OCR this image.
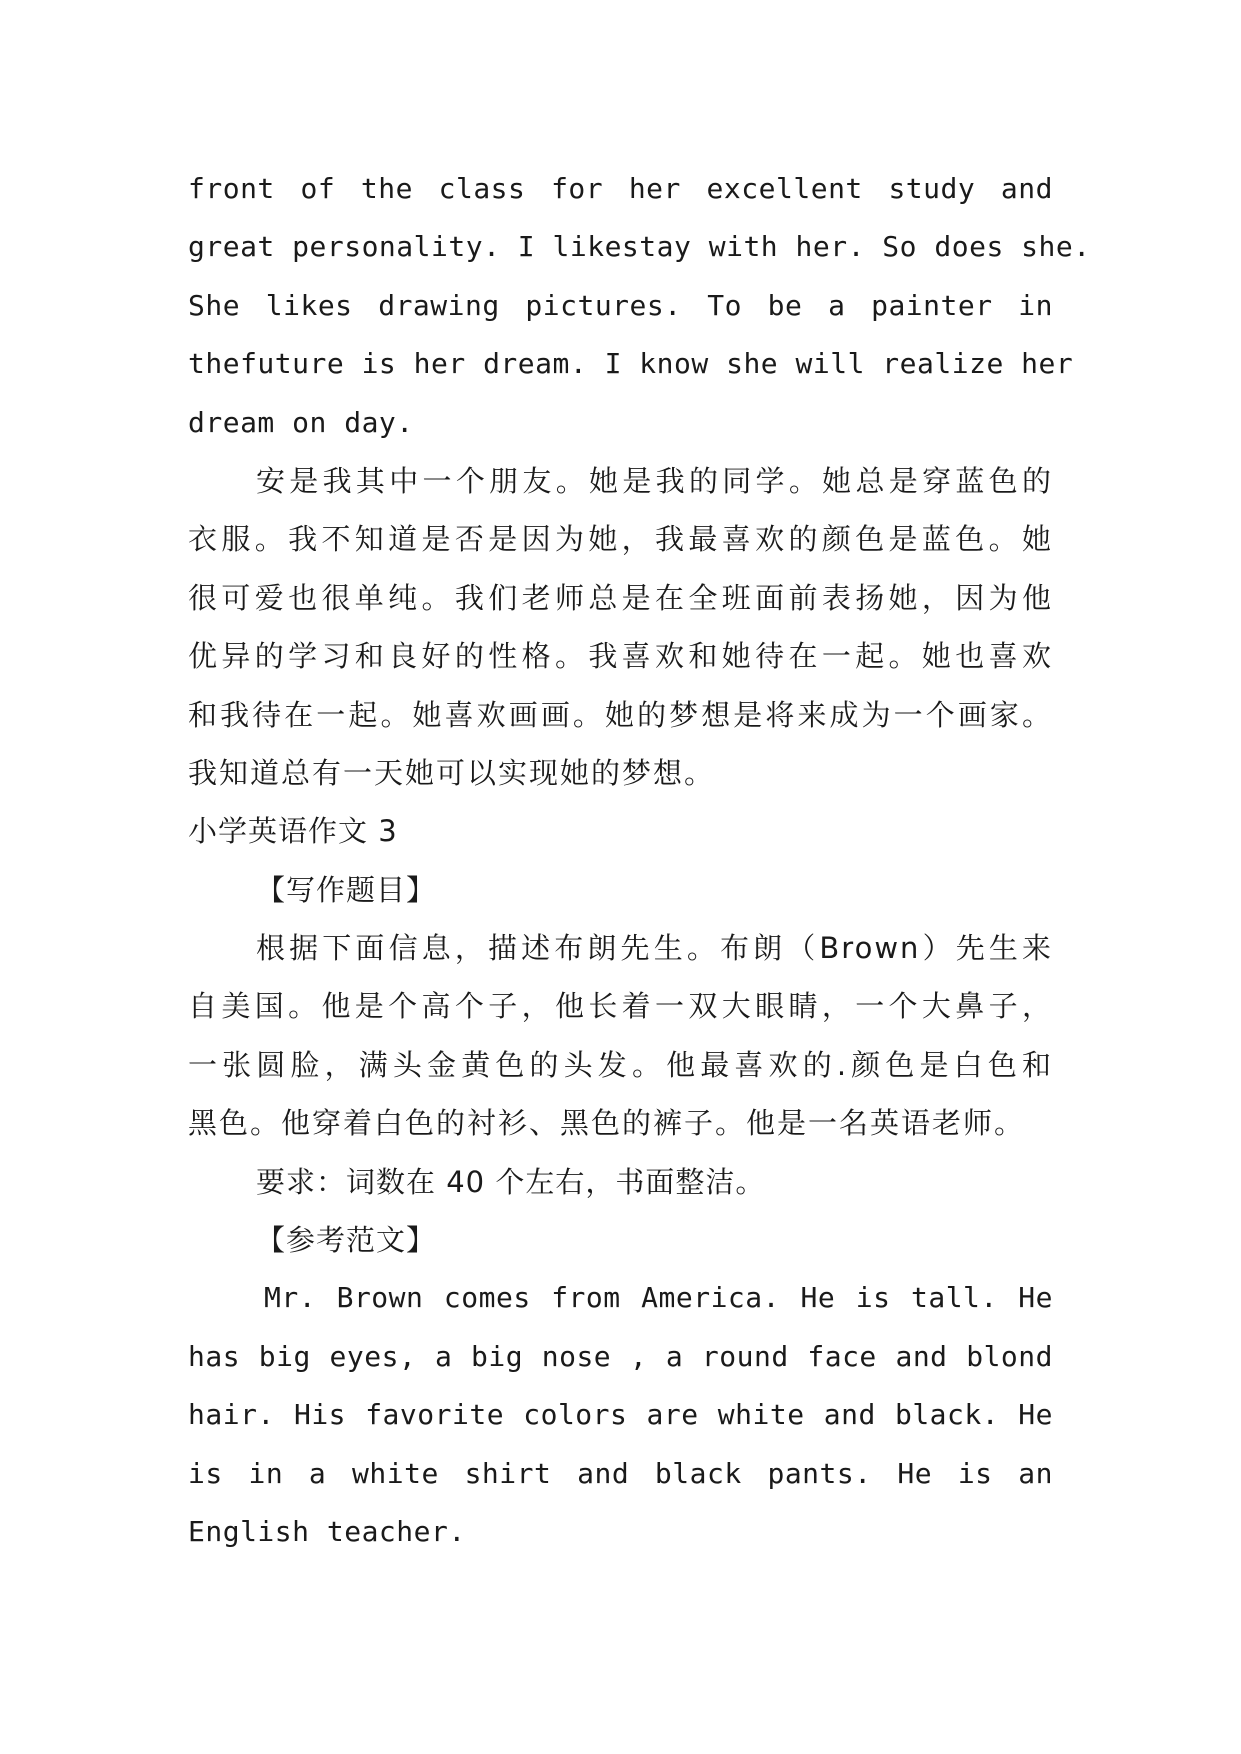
front of the class for her excellent study and
great personality. I likestay with her. So does she.
She likes drawing pictures. To be a painter in
thefuture is her dream. I know she will realize her
dream on day.
安是我其中一个朋友。她是我的同学。她总是穿蓝色的
衣服。我不知道是否是因为她，我最喜欢的颜色是蓝色。她
很可爱也很单纯。我们老师总是在全班面前表扬她，因为他
优异的学习和良好的性格。我喜欢和她待在一起。她也喜欢
和我待在一起。她喜欢画画。她的梦想是将来成为一个画家。
我知道总有一天她可以实现她的梦想。
小学英语作文 3
【写作题目】
根据下面信息，描述布朗先生。布朗（Brown）先生来
自美国。他是个高个子，他长着一双大眼睛，一个大鼻子，
一张圆脸，满头金黄色的头发。他最喜欢的.颜色是白色和
黑色。他穿着白色的衬衫、黑色的裤子。他是一名英语老师。
要求：词数在 40 个左右，书面整洁。
【参考范文】
Mr. Brown comes from America. He is tall. He
has big eyes, a big nose , a round face and blond
hair. His favorite colors are white and black. He
is in a white shirt and black pants. He is an
English teacher.
